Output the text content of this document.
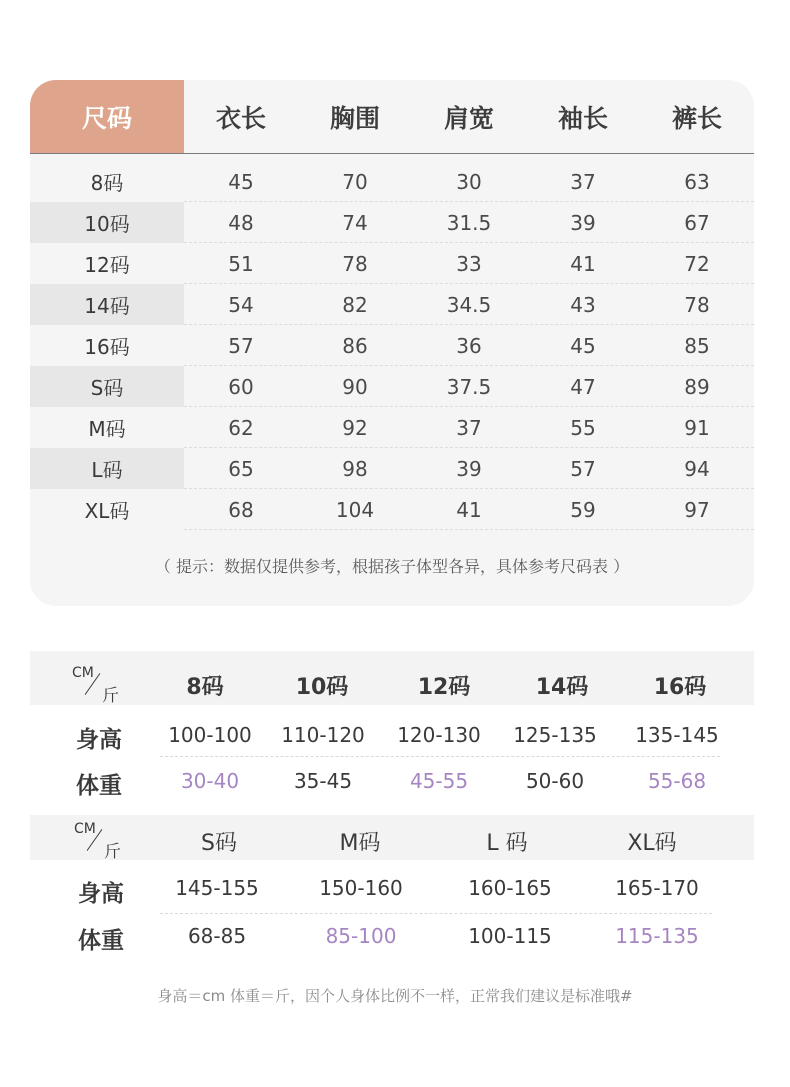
尺码	衣长	胸围	肩宽	袖长	裤长
8码	45	70	30	37	63
10码	48	74	31.5	39	67
12码	51	78	33	41	72
14码	54	82	34.5	43	78
16码	57	86	36	45	85
S码	60	90	37.5	47	89
M码	62	92	37	55	91
L码	65	98	39	57	94
XL码	68	104	41	59	97
（ 提示：数据仅提供参考，根据孩子体型各异，具体参考尺码表 ）
CM
斤	8码	10码	12码	14码	16码
身高	100-100	110-120	120-130	125-135	135-145
体重	30-40	35-45	45-55	50-60	55-68
CM
斤	S码	M码	L 码	XL码
身高	145-155	150-160	160-165	165-170
体重	68-85	85-100	100-115	115-135
身高＝cm 体重＝斤，因个人身体比例不一样，正常我们建议是标准哦#
